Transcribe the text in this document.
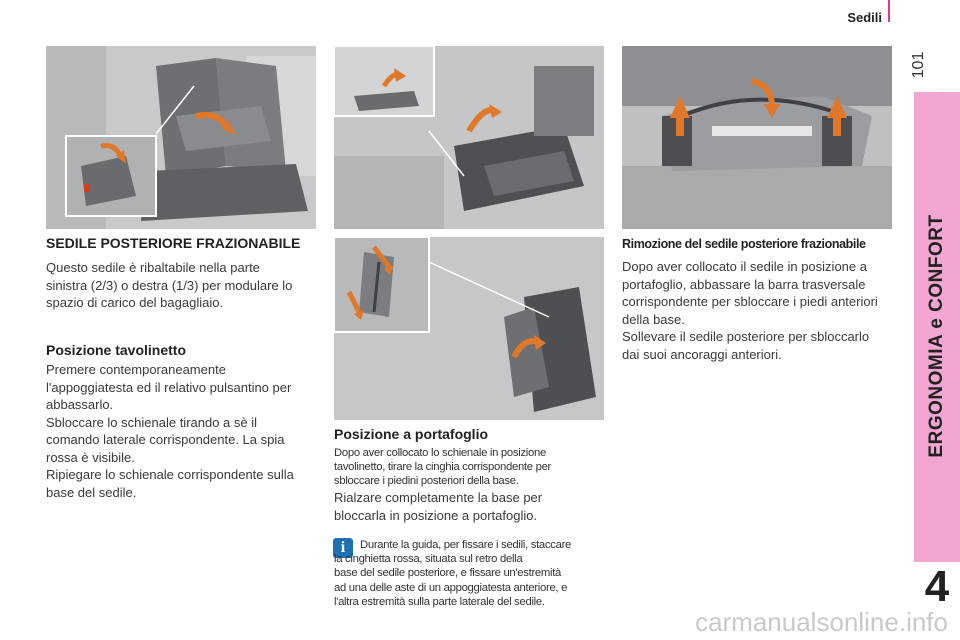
Sedili
101
ERGONOMIA e CONFORT
4
SEDILE POSTERIORE FRAZIONABILE
Questo sedile è ribaltabile nella parte
sinistra (2/3) o destra (1/3) per modulare lo
spazio di carico del bagagliaio.
Posizione tavolinetto
Premere contemporaneamente
l'appoggiatesta ed il relativo pulsantino per
abbassarlo.
Sbloccare lo schienale tirando a sè il
comando laterale corrispondente. La spia
rossa è visibile.
Ripiegare lo schienale corrispondente sulla
base del sedile.
Posizione a portafoglio
Dopo aver collocato lo schienale in posizione
tavolinetto, tirare la cinghia corrispondente per
sbloccare i piedini posteriori della base.
Rialzare completamente la base per
bloccarla in posizione a portafoglio.
i	Durante la guida, per fissare i sedili, staccare
la cinghietta rossa, situata sul retro della
base del sedile posteriore, e fissare un'estremità
ad una delle aste di un appoggiatesta anteriore, e
l'altra estremità sulla parte laterale del sedile.
Rimozione del sedile posteriore frazionabile
Dopo aver collocato il sedile in posizione a
portafoglio, abbassare la barra trasversale
corrispondente per sbloccare i piedi anteriori
della base.
Sollevare il sedile posteriore per sbloccarlo
dai suoi ancoraggi anteriori.
carmanualsonline.info
